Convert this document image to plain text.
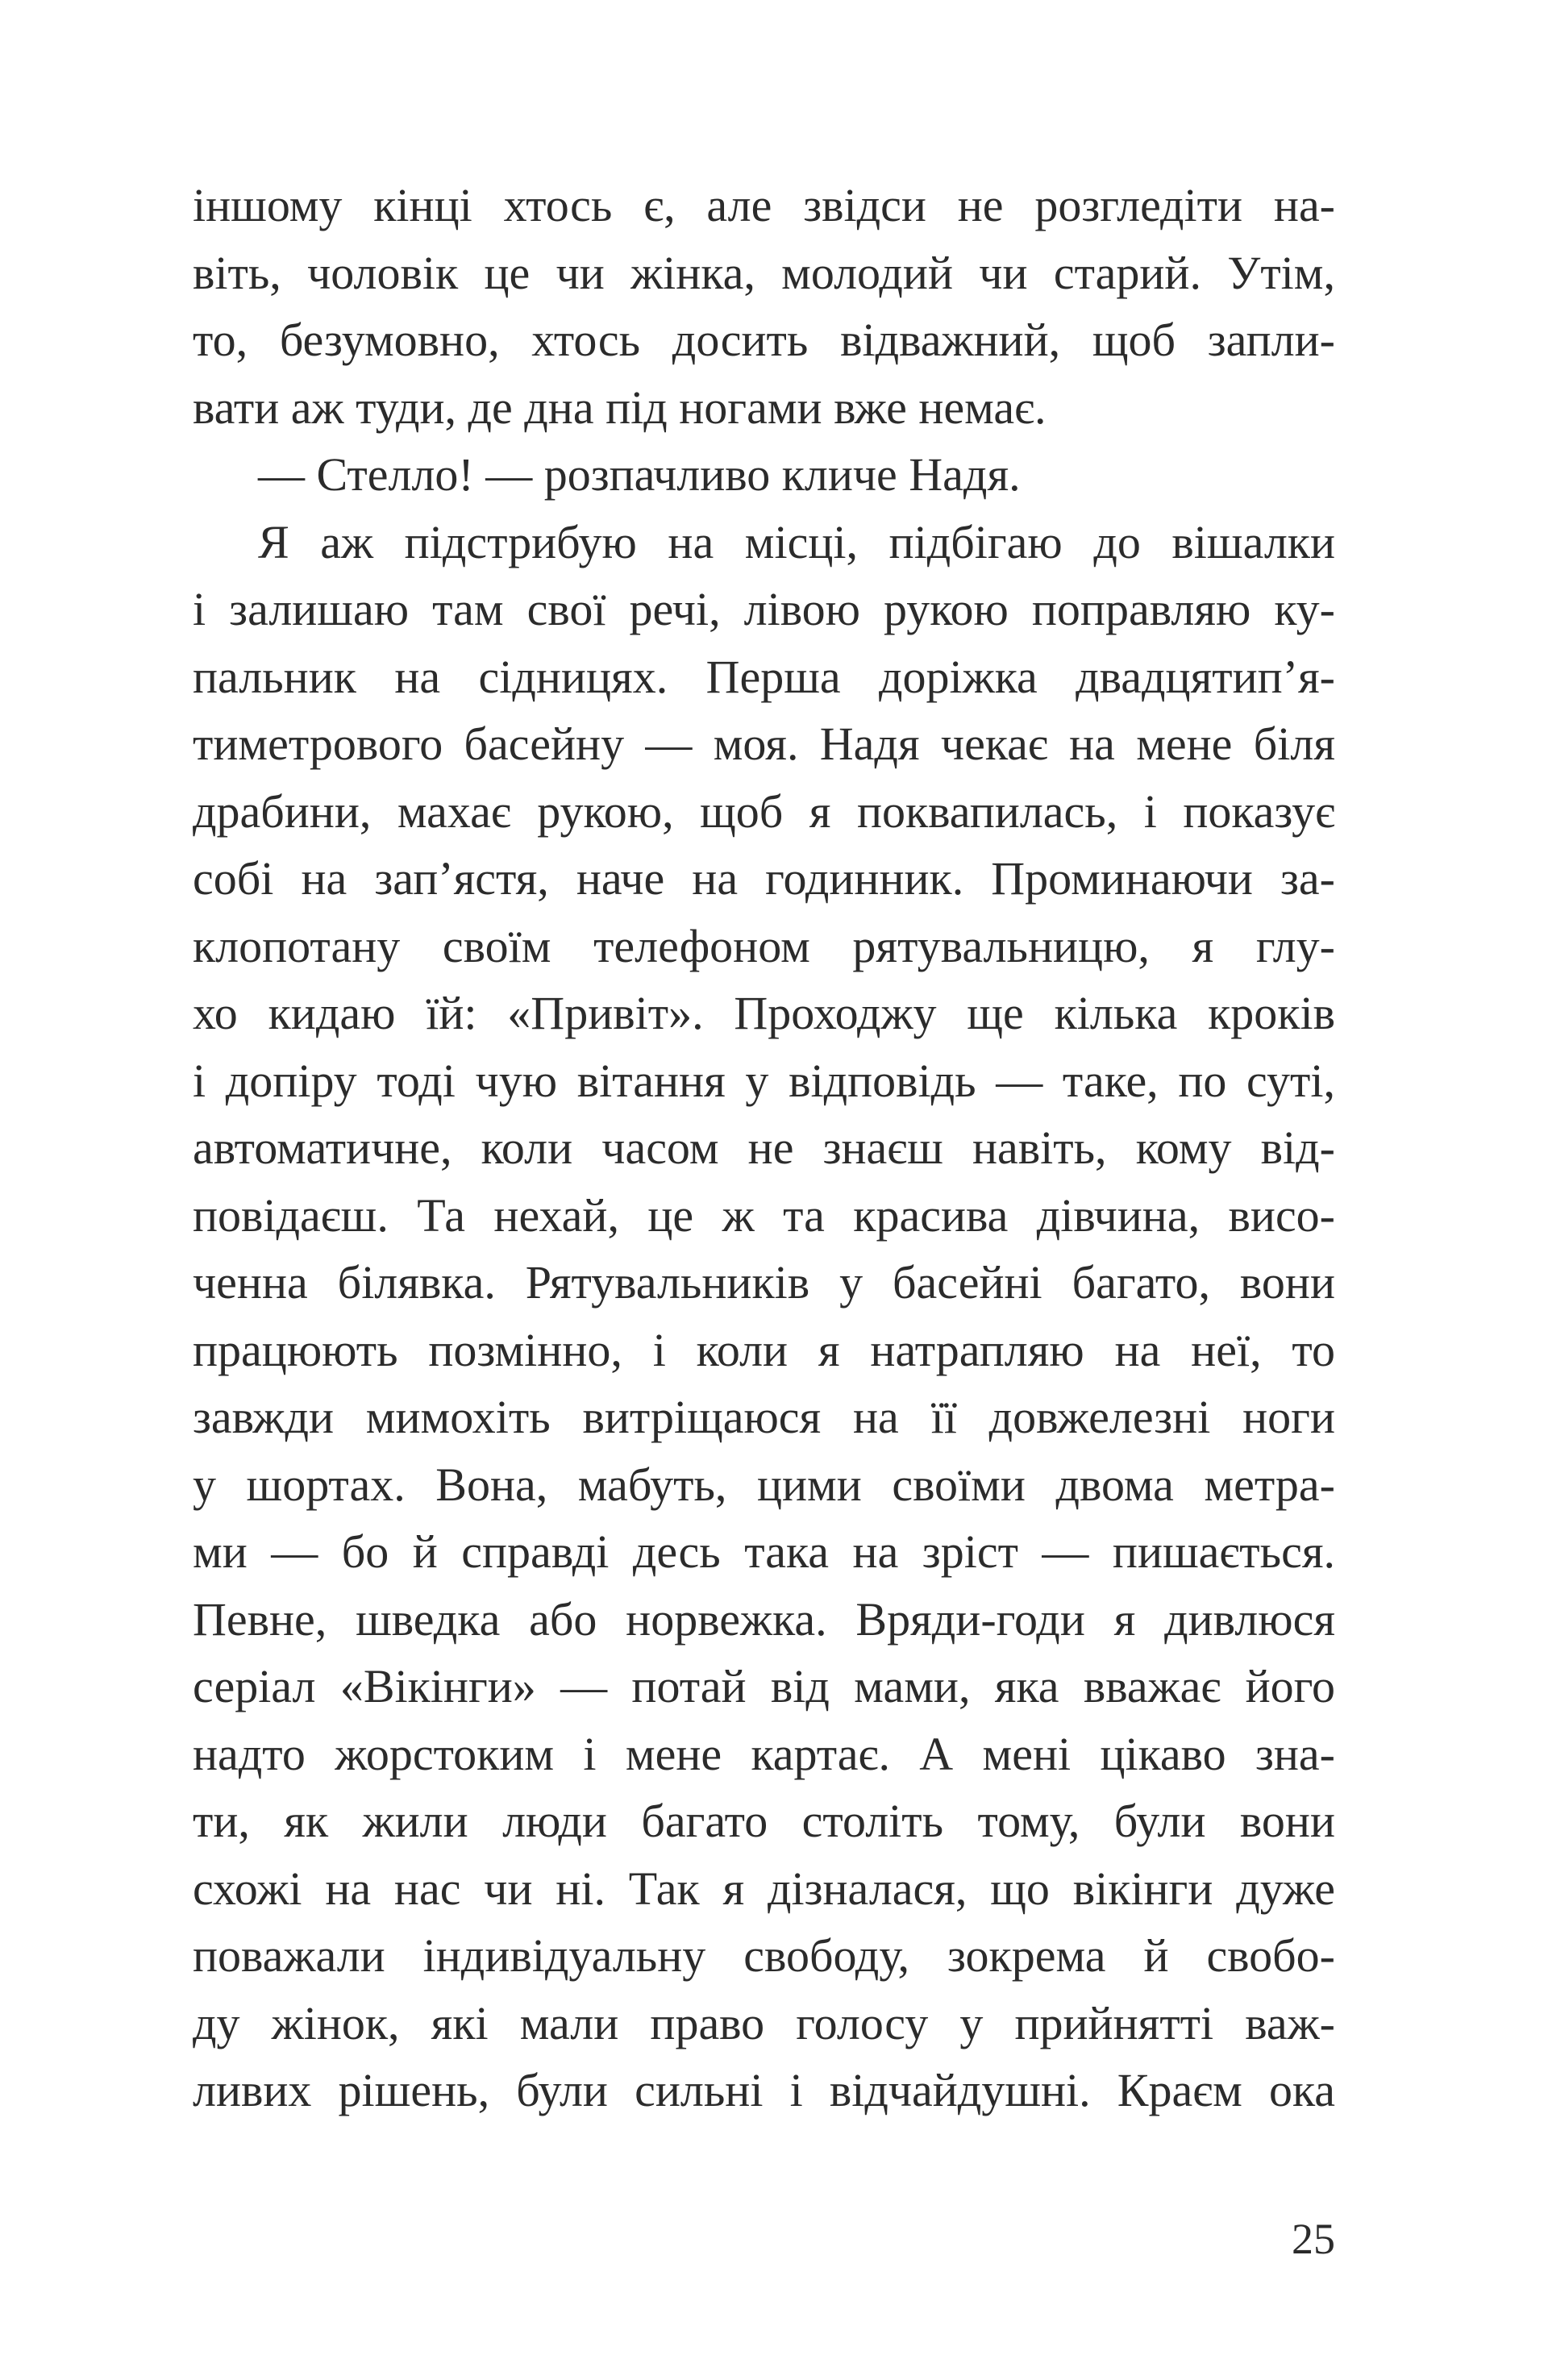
іншому кінці хтось є, але звідси не розгледіти на-
віть, чоловік це чи жінка, молодий чи старий. Утім,
то, безумовно, хтось досить відважний, щоб запли-
вати аж туди, де дна під ногами вже немає.
— Стелло! — розпачливо кличе Надя.
Я аж підстрибую на місці, підбігаю до вішалки
і залишаю там свої речі, лівою рукою поправляю ку-
пальник на сідницях. Перша доріжка двадцятип’я-
тиметрового басейну — моя. Надя чекає на мене біля
драбини, махає рукою, щоб я поквапилась, і показує
собі на зап’ястя, наче на годинник. Проминаючи за-
клопотану своїм телефоном рятувальницю, я глу-
хо кидаю їй: «Привіт». Проходжу ще кілька кроків
і допіру тоді чую вітання у відповідь — таке, по суті,
автоматичне, коли часом не знаєш навіть, кому від-
повідаєш. Та нехай, це ж та красива дівчина, висо-
ченна білявка. Рятувальників у басейні багато, вони
працюють позмінно, і коли я натрапляю на неї, то
завжди мимохіть витріщаюся на її довжелезні ноги
у шортах. Вона, мабуть, цими своїми двома метра-
ми — бо й справді десь така на зріст — пишається.
Певне, шведка або норвежка. Вряди-годи я дивлюся
серіал «Вікінги» — потай від мами, яка вважає його
надто жорстоким і мене картає. А мені цікаво зна-
ти, як жили люди багато століть тому, були вони
схожі на нас чи ні. Так я дізналася, що вікінги дуже
поважали індивідуальну свободу, зокрема й свобо-
ду жінок, які мали право голосу у прийнятті важ-
ливих рішень, були сильні і відчайдушні. Краєм ока
25
